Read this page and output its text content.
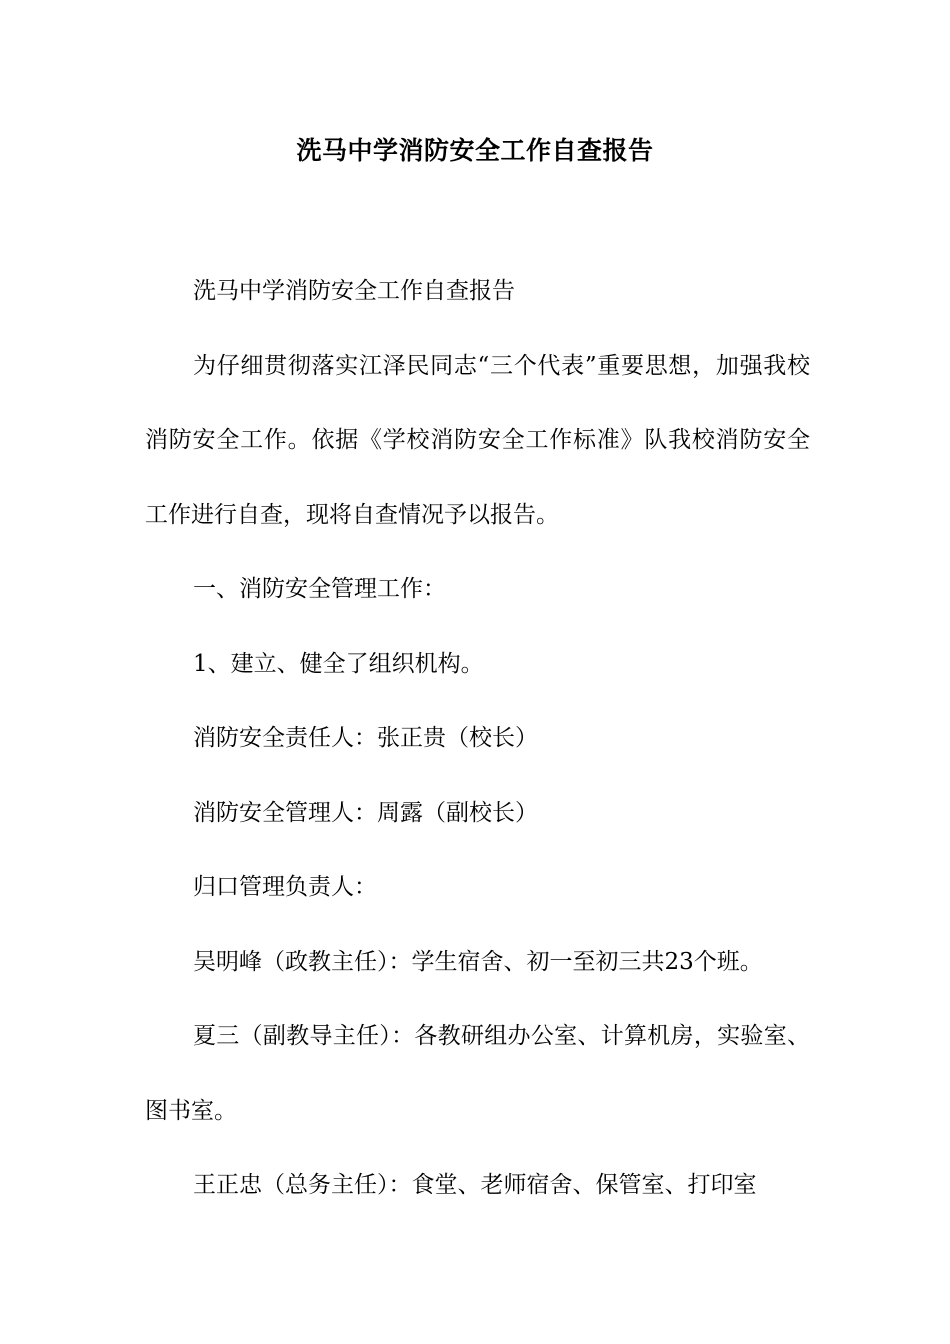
洗马中学消防安全工作自查报告

洗马中学消防安全工作自查报告

为仔细贯彻落实江泽民同志“三个代表”重要思想，加强我校消防安全工作。依据《学校消防安全工作标准》队我校消防安全工作进行自查，现将自查情况予以报告。

一、消防安全管理工作：

1、建立、健全了组织机构。

消防安全责任人：张正贵（校长）

消防安全管理人：周露（副校长）

归口管理负责人：

吴明峰（政教主任）：学生宿舍、初一至初三共23个班。

夏三（副教导主任）：各教研组办公室、计算机房，实验室、图书室。

王正忠（总务主任）：食堂、老师宿舍、保管室、打印室
